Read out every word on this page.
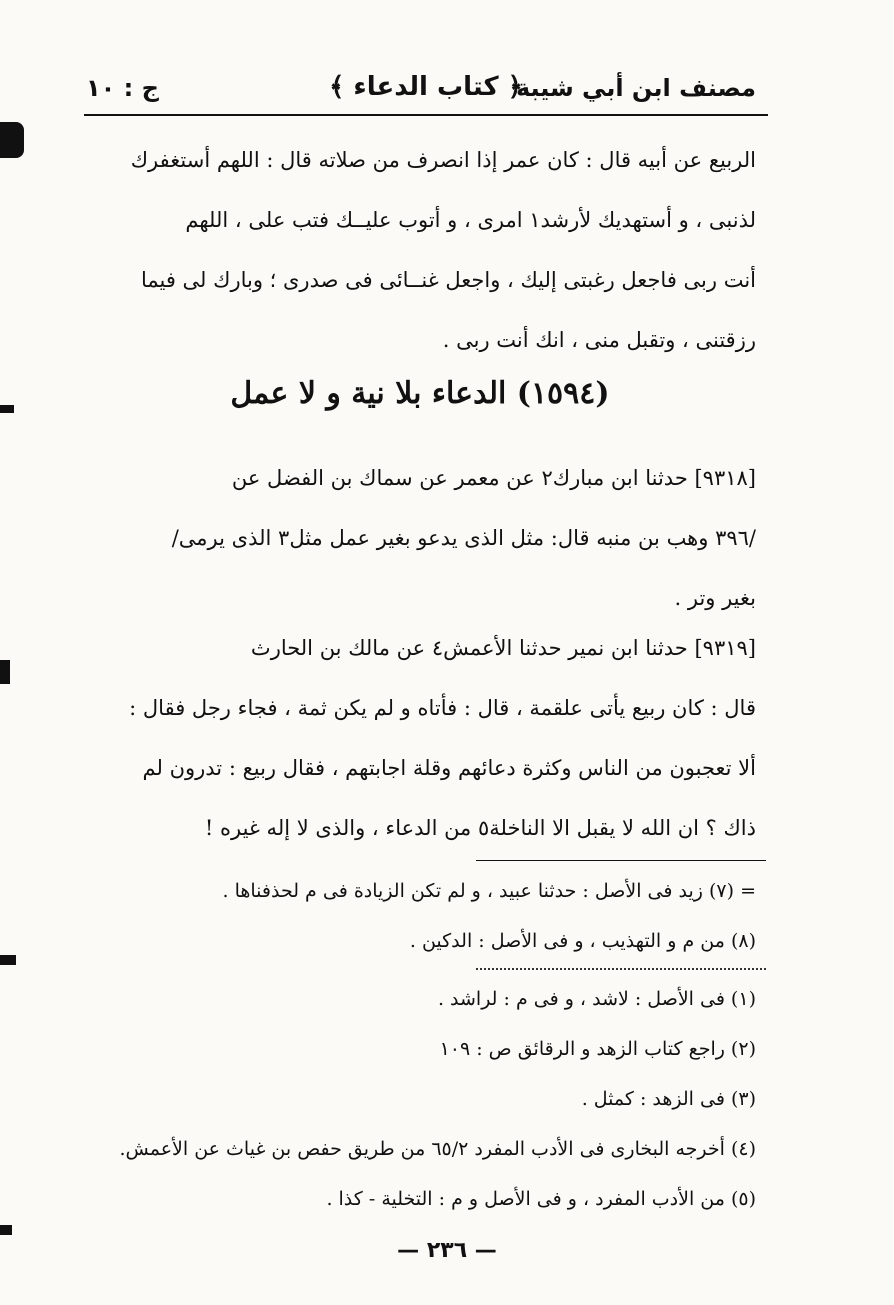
مصنف ابن أبي شيبة
﴿ كتاب الدعاء ﴾
ج : ١٠
الربيع عن أبيه قال : كان عمر إذا انصرف من صلاته قال : اللهم أستغفرك
لذنبى ، و أستهديك لأرشد١ امرى ، و أتوب عليــك فتب على ، اللهم
أنت ربى فاجعل رغبتى إليك ، واجعل غنــائى فى صدرى ؛ وبارك لى فيما
رزقتنى ، وتقبل منى ، انك أنت ربى .
(١٥٩٤) الدعاء بلا نية و لا عمل
[٩٣١٨] حدثنا ابن مبارك٢ عن معمر عن سماك بن الفضل عن
/٣٩٦ وهب بن منبه قال: مثل الذى يدعو بغير عمل مثل٣ الذى يرمى/
بغير وتر .
[٩٣١٩] حدثنا ابن نمير حدثنا الأعمش٤ عن مالك بن الحارث
قال : كان ربيع يأتى علقمة ، قال : فأتاه و لم يكن ثمة ، فجاء رجل فقال :
ألا تعجبون من الناس وكثرة دعائهم وقلة اجابتهم ، فقال ربيع : تدرون لم
ذاك ؟ ان الله لا يقبل الا الناخلة٥ من الدعاء ، والذى لا إله غيره !
= (٧) زيد فى الأصل : حدثنا عبيد ، و لم تكن الزيادة فى م لحذفناها .
(٨) من م و التهذيب ، و فى الأصل : الدكين .
(١) فى الأصل : لاشد ، و فى م : لراشد .
(٢) راجع كتاب الزهد و الرقائق ص : ١٠٩
(٣) فى الزهد : كمثل .
(٤) أخرجه البخارى فى الأدب المفرد ٦٥/٢ من طريق حفص بن غياث عن الأعمش.
(٥) من الأدب المفرد ، و فى الأصل و م : التخلية - كذا .
— ٢٣٦ —
